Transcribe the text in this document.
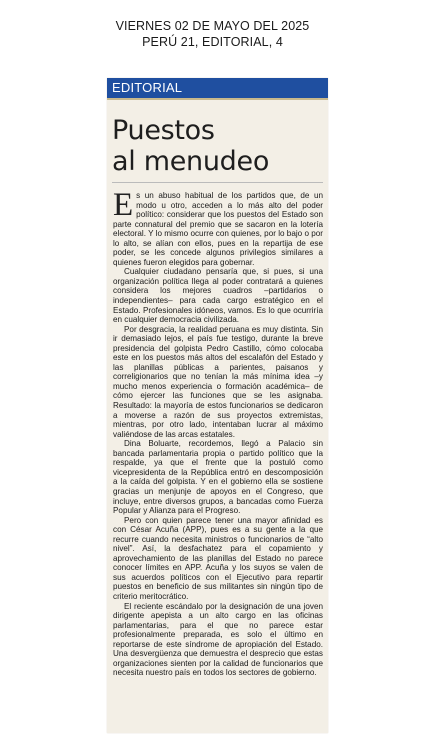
VIERNES 02 DE MAYO DEL 2025
PERÚ 21, EDITORIAL, 4
EDITORIAL
Puestos
al menudeo

Es un abuso habitual de los partidos que, de un modo u otro, acceden a lo más alto del poder político: considerar que los puestos del Estado son parte connatural del premio que se sacaron en la lotería electoral. Y lo mismo ocurre con quienes, por lo bajo o por lo alto, se alían con ellos, pues en la repartija de ese poder, se les concede algunos privilegios similares a quienes fueron elegidos para gobernar.

Cualquier ciudadano pensaría que, si pues, si una organización política llega al poder contratará a quienes considera los mejores cuadros –partidarios o independientes– para cada cargo estratégico en el Estado. Profesionales idóneos, vamos. Es lo que ocurriría en cualquier democracia civilizada.

Por desgracia, la realidad peruana es muy distinta. Sin ir demasiado lejos, el país fue testigo, durante la breve presidencia del golpista Pedro Castillo, cómo colocaba este en los puestos más altos del escalafón del Estado y las planillas públicas a parientes, paisanos y correligionarios que no tenían la más mínima idea –y mucho menos experiencia o formación académica– de cómo ejercer las funciones que se les asignaba. Resultado: la mayoría de estos funcionarios se dedicaron a moverse a razón de sus proyectos extremistas, mientras, por otro lado, intentaban lucrar al máximo valiéndose de las arcas estatales.

Dina Boluarte, recordemos, llegó a Palacio sin bancada parlamentaria propia o partido político que la respalde, ya que el frente que la postuló como vicepresidenta de la República entró en descomposición a la caída del golpista. Y en el gobierno ella se sostiene gracias un menjunje de apoyos en el Congreso, que incluye, entre diversos grupos, a bancadas como Fuerza Popular y Alianza para el Progreso.

Pero con quien parece tener una mayor afinidad es con César Acuña (APP), pues es a su gente a la que recurre cuando necesita ministros o funcionarios de “alto nivel”. Así, la desfachatez para el copamiento y aprovechamiento de las planillas del Estado no parece conocer límites en APP. Acuña y los suyos se valen de sus acuerdos políticos con el Ejecutivo para repartir puestos en beneficio de sus militantes sin ningún tipo de criterio meritocrático.

El reciente escándalo por la designación de una joven dirigente apepista a un alto cargo en las oficinas parlamentarias, para el que no parece estar profesionalmente preparada, es solo el último en reportarse de este síndrome de apropiación del Estado. Una desvergüenza que demuestra el desprecio que estas organizaciones sienten por la calidad de funcionarios que necesita nuestro país en todos los sectores de gobierno.
